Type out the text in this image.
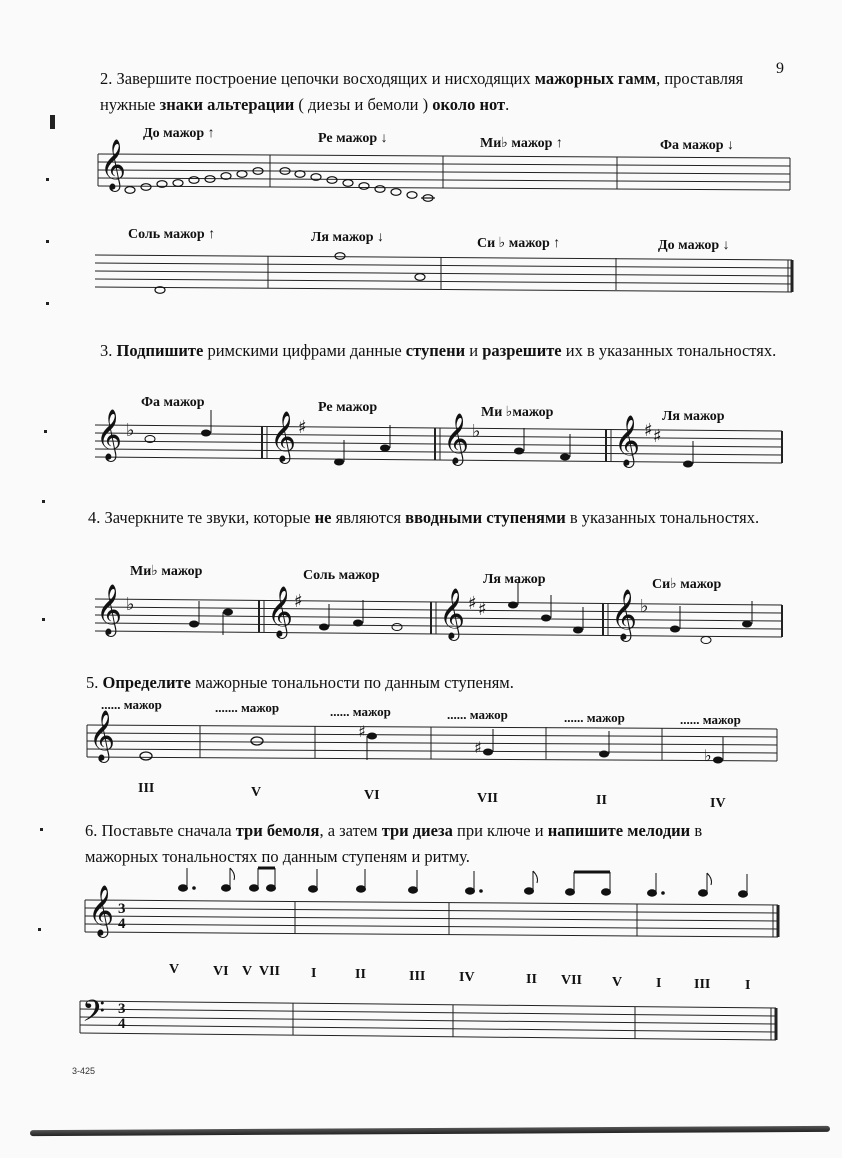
9
2. Завершите построение цепочки восходящих и нисходящих мажорных гамм, проставляя нужные знаки альтерации ( диезы и бемоли ) около нот.
До мажор ↑	Ре мажор ↓	Ми♭ мажор ↑	Фа мажор ↓
𝄞
𝄞	𝄞	𝄞	𝄞
𝄞	𝄞	𝄞	𝄞
𝄞
𝄞
𝄢
♭	♯	♭	♯ ♯
♭	♯	♯ ♯	♭
♯
♯	♭
Соль мажор ↑	Ля мажор ↓	Си ♭ мажор ↑	До мажор ↓
3. Подпишите римскими цифрами данные ступени и разрешите их в указанных тональностях.
Фа мажор	Ре мажор	Ми ♭мажор	Ля мажор
4. Зачеркните те звуки, которые не являются вводными ступенями в указанных тональностях.
Ми♭ мажор	Соль мажор	Ля мажор	Си♭ мажор
5. Определите мажорные тональности по данным ступеням.
...... мажор	....... мажор	...... мажор	...... мажор	...... мажор	...... мажор
III	V	VI	VII	II	IV
6. Поставьте сначала три бемоля, а затем три диеза при ключе и напишите мелодии в мажорных тональностях по данным ступеням и ритму.
3
4
3
4
V VI V VII I	II	III IV	II VII V I III I
3-425
